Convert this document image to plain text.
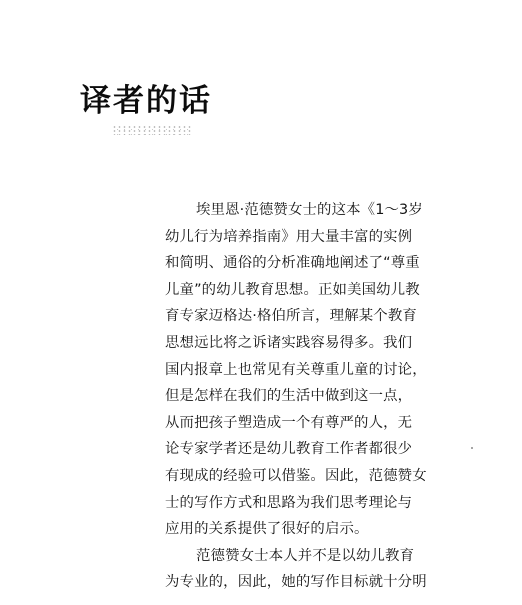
译者的话
埃里恩·范德赞女士的这本《1～3岁
幼儿行为培养指南》用大量丰富的实例
和简明、通俗的分析准确地阐述了“尊重
儿童”的幼儿教育思想。正如美国幼儿教
育专家迈格达·格伯所言，理解某个教育
思想远比将之诉诸实践容易得多。我们
国内报章上也常见有关尊重儿童的讨论，
但是怎样在我们的生活中做到这一点，
从而把孩子塑造成一个有尊严的人，无
论专家学者还是幼儿教育工作者都很少
有现成的经验可以借鉴。因此，范德赞女
士的写作方式和思路为我们思考理论与
应用的关系提供了很好的启示。
范德赞女士本人并不是以幼儿教育
为专业的，因此，她的写作目标就十分明
